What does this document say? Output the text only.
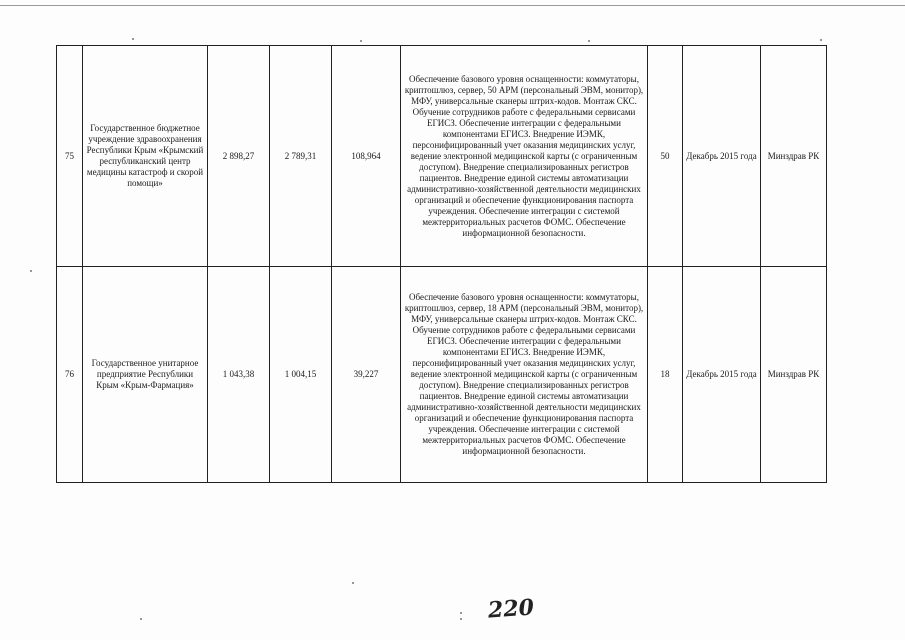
75	Государственное бюджетное учреждение здравоохранения Республики Крым «Крымский республиканский центр медицины катастроф и скорой помощи»	2 898,27	2 789,31	108,964	Обеспечение базового уровня оснащенности: коммутаторы, криптошлюз, сервер, 50 АРМ (персональный ЭВМ, монитор), МФУ, универсальные сканеры штрих-кодов. Монтаж СКС. Обучение сотрудников работе с федеральными сервисами ЕГИСЗ. Обеспечение интеграции с федеральными компонентами ЕГИСЗ. Внедрение ИЭМК, персонифицированный учет оказания медицинских услуг, ведение электронной медицинской карты (с ограниченным доступом). Внедрение специализированных регистров пациентов. Внедрение единой системы автоматизации административно-хозяйственной деятельности медицинских организаций и обеспечение функционирования паспорта учреждения. Обеспечение интеграции с системой межтерриториальных расчетов ФОМС. Обеспечение информационной безопасности.	50	Декабрь 2015 года	Минздрав РК
76	Государственное унитарное предприятие Республики Крым «Крым-Фармация»	1 043,38	1 004,15	39,227	Обеспечение базового уровня оснащенности: коммутаторы, криптошлюз, сервер, 18 АРМ (персональный ЭВМ, монитор), МФУ, универсальные сканеры штрих-кодов. Монтаж СКС. Обучение сотрудников работе с федеральными сервисами ЕГИСЗ. Обеспечение интеграции с федеральными компонентами ЕГИСЗ. Внедрение ИЭМК, персонифицированный учет оказания медицинских услуг, ведение электронной медицинской карты (с ограниченным доступом). Внедрение специализированных регистров пациентов. Внедрение единой системы автоматизации административно-хозяйственной деятельности медицинских организаций и обеспечение функционирования паспорта учреждения. Обеспечение интеграции с системой межтерриториальных расчетов ФОМС. Обеспечение информационной безопасности.	18	Декабрь 2015 года	Минздрав РК
220
